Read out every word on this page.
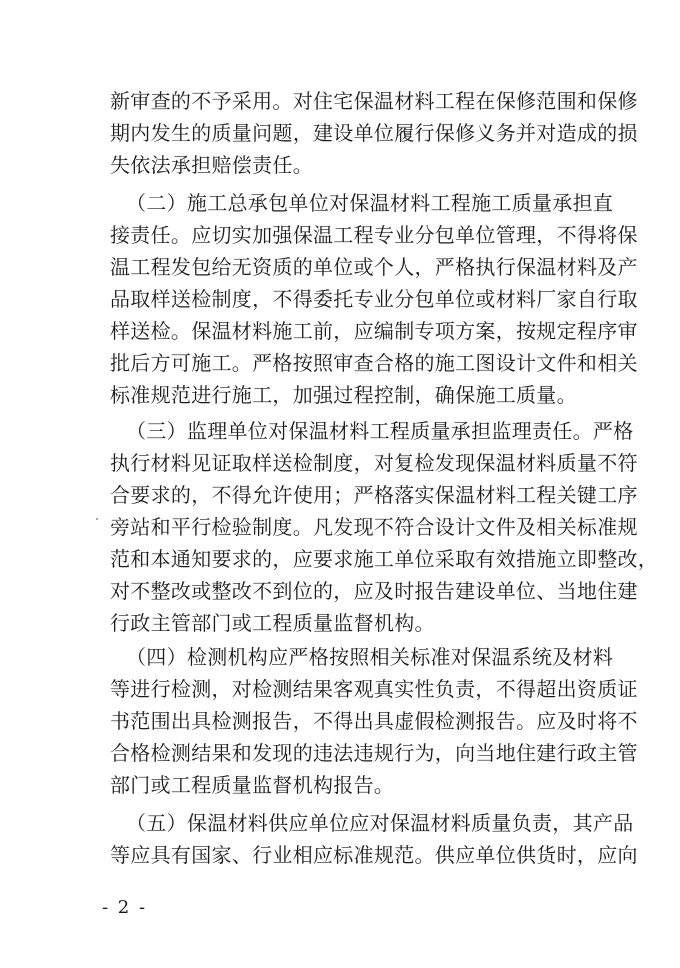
新审查的不予采用。对住宅保温材料工程在保修范围和保修
期内发生的质量问题，建设单位履行保修义务并对造成的损
失依法承担赔偿责任。
（二）施工总承包单位对保温材料工程施工质量承担直
接责任。应切实加强保温工程专业分包单位管理，不得将保
温工程发包给无资质的单位或个人，严格执行保温材料及产
品取样送检制度，不得委托专业分包单位或材料厂家自行取
样送检。保温材料施工前，应编制专项方案，按规定程序审
批后方可施工。严格按照审查合格的施工图设计文件和相关
标准规范进行施工，加强过程控制，确保施工质量。
（三）监理单位对保温材料工程质量承担监理责任。严格
执行材料见证取样送检制度，对复检发现保温材料质量不符
合要求的，不得允许使用；严格落实保温材料工程关键工序
旁站和平行检验制度。凡发现不符合设计文件及相关标准规
范和本通知要求的，应要求施工单位采取有效措施立即整改，
对不整改或整改不到位的，应及时报告建设单位、当地住建
行政主管部门或工程质量监督机构。
（四）检测机构应严格按照相关标准对保温系统及材料
等进行检测，对检测结果客观真实性负责，不得超出资质证
书范围出具检测报告，不得出具虚假检测报告。应及时将不
合格检测结果和发现的违法违规行为，向当地住建行政主管
部门或工程质量监督机构报告。
（五）保温材料供应单位应对保温材料质量负责，其产品
等应具有国家、行业相应标准规范。供应单位供货时，应向
- 2 -
